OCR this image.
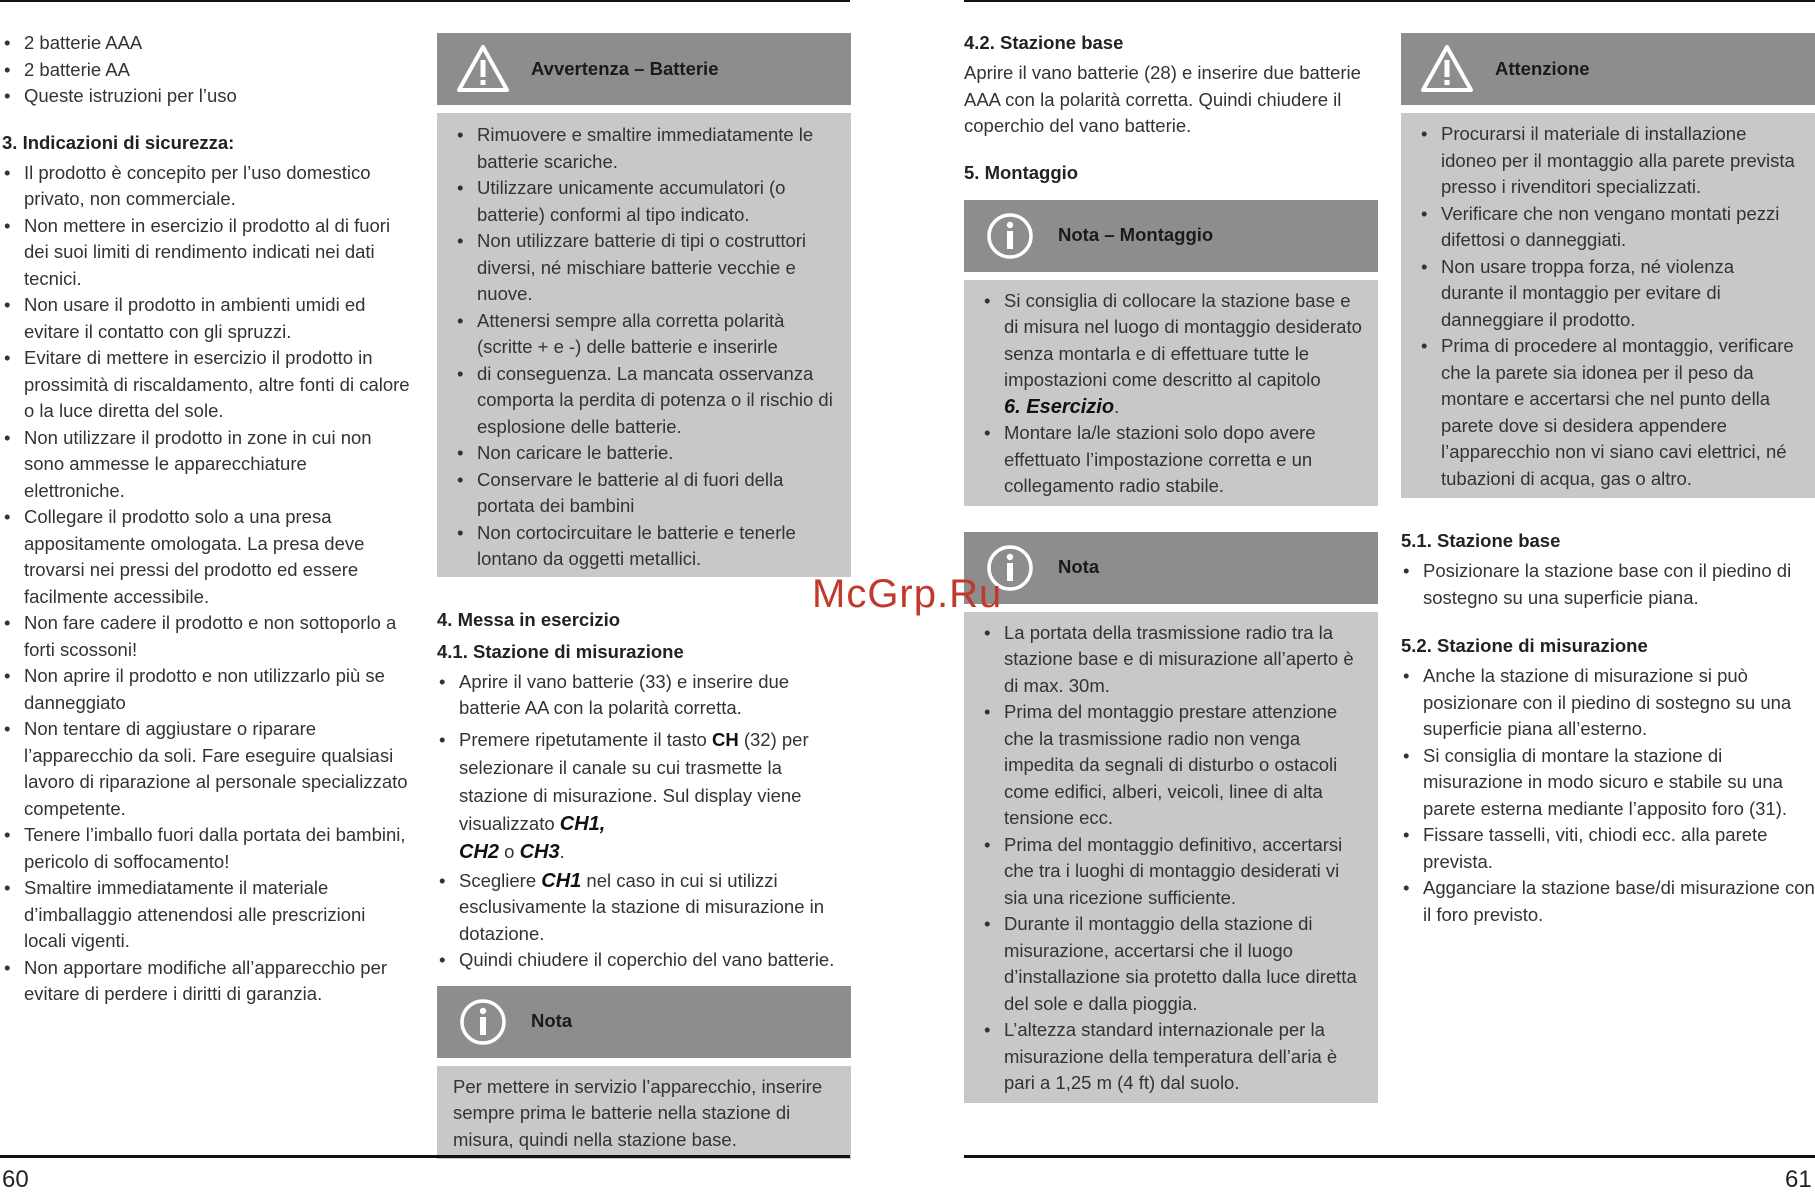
• 2 batterie AAA
• 2 batterie AA
• Queste istruzioni per l’uso
3. Indicazioni di sicurezza:
• Il prodotto è concepito per l’uso domestico privato, non commerciale.
• Non mettere in esercizio il prodotto al di fuori dei suoi limiti di rendimento indicati nei dati tecnici.
• Non usare il prodotto in ambienti umidi ed evitare il contatto con gli spruzzi.
• Evitare di mettere in esercizio il prodotto in prossimità di riscaldamento, altre fonti di calore o la luce diretta del sole.
• Non utilizzare il prodotto in zone in cui non sono ammesse le apparecchiature elettroniche.
• Collegare il prodotto solo a una presa appositamente omologata. La presa deve trovarsi nei pressi del prodotto ed essere facilmente accessibile.
• Non fare cadere il prodotto e non sottoporlo a forti scossoni!
• Non aprire il prodotto e non utilizzarlo più se danneggiato
• Non tentare di aggiustare o riparare l’apparecchio da soli. Fare eseguire qualsiasi lavoro di riparazione al personale specializzato competente.
• Tenere l’imballo fuori dalla portata dei bambini, pericolo di soffocamento!
• Smaltire immediatamente il materiale d’imballaggio attenendosi alle prescrizioni locali vigenti.
• Non apportare modifiche all’apparecchio per evitare di perdere i diritti di garanzia.
Avvertenza – Batterie
• Rimuovere e smaltire immediatamente le batterie scariche.
• Utilizzare unicamente accumulatori (o batterie) conformi al tipo indicato.
• Non utilizzare batterie di tipi o costruttori diversi, né mischiare batterie vecchie e nuove.
• Attenersi sempre alla corretta polarità (scritte + e -) delle batterie e inserirle
• di conseguenza. La mancata osservanza comporta la perdita di potenza o il rischio di esplosione delle batterie.
• Non caricare le batterie.
• Conservare le batterie al di fuori della portata dei bambini
• Non cortocircuitare le batterie e tenerle lontano da oggetti metallici.
4. Messa in esercizio
4.1. Stazione di misurazione
• Aprire il vano batterie (33) e inserire due batterie AA con la polarità corretta.
• Premere ripetutamente il tasto CH (32) per selezionare il canale su cui trasmette la stazione di misurazione. Sul display viene visualizzato CH1,
CH2 o CH3.
• Scegliere CH1 nel caso in cui si utilizzi esclusivamente la stazione di misurazione in dotazione.
• Quindi chiudere il coperchio del vano batterie.
Nota

Per mettere in servizio l’apparecchio, inserire sempre prima le batterie nella stazione di misura, quindi nella stazione base.

60	61
4.2. Stazione base

Aprire il vano batterie (28) e inserire due batterie AAA con la polarità corretta. Quindi chiudere il coperchio del vano batterie.

5. Montaggio
Nota – Montaggio
• Si consiglia di collocare la stazione base e di misura nel luogo di montaggio desiderato senza montarla e di effettuare tutte le impostazioni come descritto al capitolo
6. Esercizio.
• Montare la/le stazioni solo dopo avere effettuato l’impostazione corretta e un collegamento radio stabile.
Nota
• La portata della trasmissione radio tra la stazione base e di misurazione all’aperto è di max. 30m.
• Prima del montaggio prestare attenzione che la trasmissione radio non venga impedita da segnali di disturbo o ostacoli come edifici, alberi, veicoli, linee di alta tensione ecc.
• Prima del montaggio definitivo, accertarsi che tra i luoghi di montaggio desiderati vi sia una ricezione sufficiente.
• Durante il montaggio della stazione di misurazione, accertarsi che il luogo d’installazione sia protetto dalla luce diretta del sole e dalla pioggia.
• L’altezza standard internazionale per la misurazione della temperatura dell’aria è pari a 1,25 m (4 ft) dal suolo.
Attenzione
• Procurarsi il materiale di installazione idoneo per il montaggio alla parete prevista presso i rivenditori specializzati.
• Verificare che non vengano montati pezzi difettosi o danneggiati.
• Non usare troppa forza, né violenza durante il montaggio per evitare di danneggiare il prodotto.
• Prima di procedere al montaggio, verificare che la parete sia idonea per il peso da montare e accertarsi che nel punto della parete dove si desidera appendere l’apparecchio non vi siano cavi elettrici, né tubazioni di acqua, gas o altro.
5.1. Stazione base
• Posizionare la stazione base con il piedino di sostegno su una superficie piana.
5.2. Stazione di misurazione
• Anche la stazione di misurazione si può posizionare con il piedino di sostegno su una superficie piana all’esterno.
• Si consiglia di montare la stazione di misurazione in modo sicuro e stabile su una parete esterna mediante l’apposito foro (31).
• Fissare tasselli, viti, chiodi ecc. alla parete prevista.
• Agganciare la stazione base/di misurazione con il foro previsto.
McGrp.Ru
